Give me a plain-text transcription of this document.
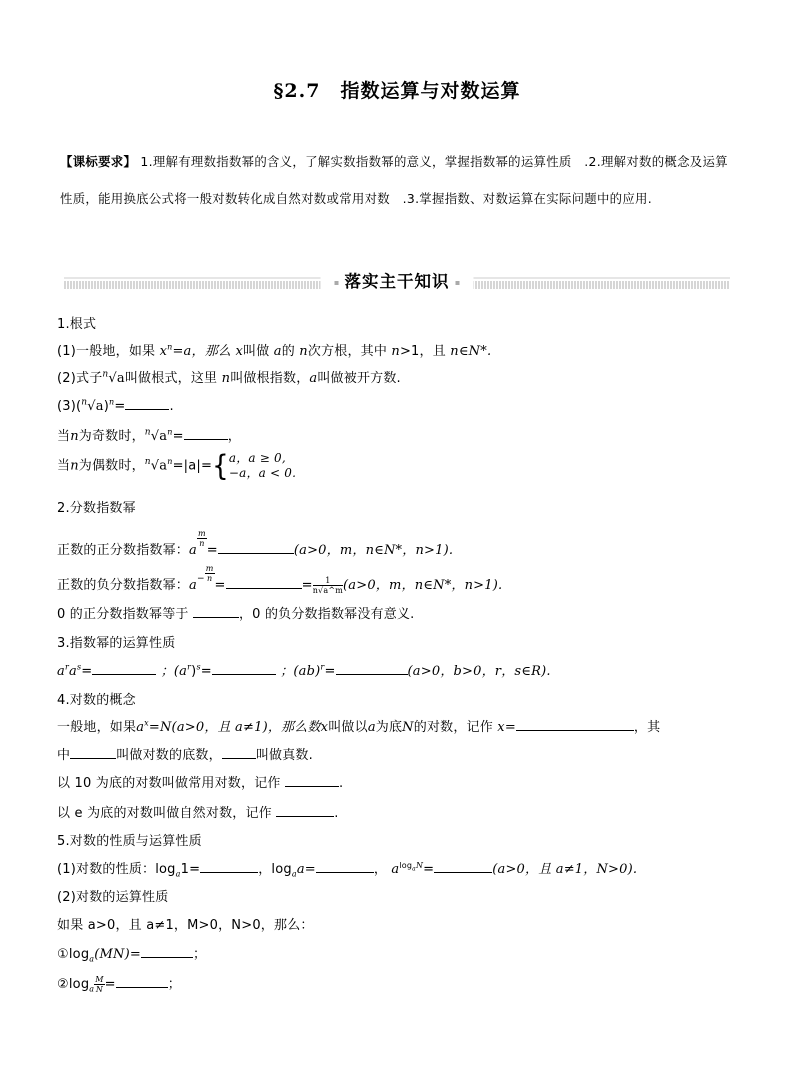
§2.7　指数运算与对数运算
【课标要求】 1.理解有理数指数幂的含义，了解实数指数幂的意义，掌握指数幂的运算性质　.2.理解对数的概念及运算性质，能用换底公式将一般对数转化成自然对数或常用对数　.3.掌握指数、对数运算在实际问题中的应用.
落实主干知识
1.根式
(1)一般地，如果 $x^n=a$，那么 x叫做 a的 n次方根，其中 n>1，且 n∈N*.
(2)式子$^n$√a叫做根式，这里 n叫做根指数，a叫做被开方数.
$(3)(^n√a)^n=$	.
当n为奇数时，$^n√a^n=$	，
当n为偶数时，$^n√a^n=|a|=${ a，a ≥ 0,
−a，a < 0.
2.分数指数幂
正数的正分数指数幂：a
$\frac{m}{n}$
=	(a>0，m，n∈N*，n>1).
正数的负分数指数幂：$a^- \frac{m}{n}$
=	= $\frac{1}{n√a\^{}m} (a>0$，m，n∈N*，n>1).
0 的正分数指数幂等于	，0 的负分数指数幂没有意义.
3.指数幂的运算性质
$a^ra^s=$	；$(a^r)^s=$	；(ab)$^r$=	(a>0，b>0，r，s∈R).
4.对数的概念
一般地，如果$a^x=N(a>0$，且 a≠1)，那么数x叫做以a为底N的对数，记作 x=	，其
中	叫做对数的底数，	叫做真数.
以 10 为底的对数叫做常用对数，记作	.
以 e 为底的对数叫做自然对数，记作	.
5.对数的性质与运算性质
(1)对数的性质：$\log_a1=$	，$\log_aa=$	， $a^{log_aN}=$	(a>0，且 a≠1，N>0).
(2)对数的运算性质
如果 a>0，且 a≠1，M>0，N>0，那么：
$①\log_a(MN)=$	；
$②\log_a \frac{M}{N}$ =	；
